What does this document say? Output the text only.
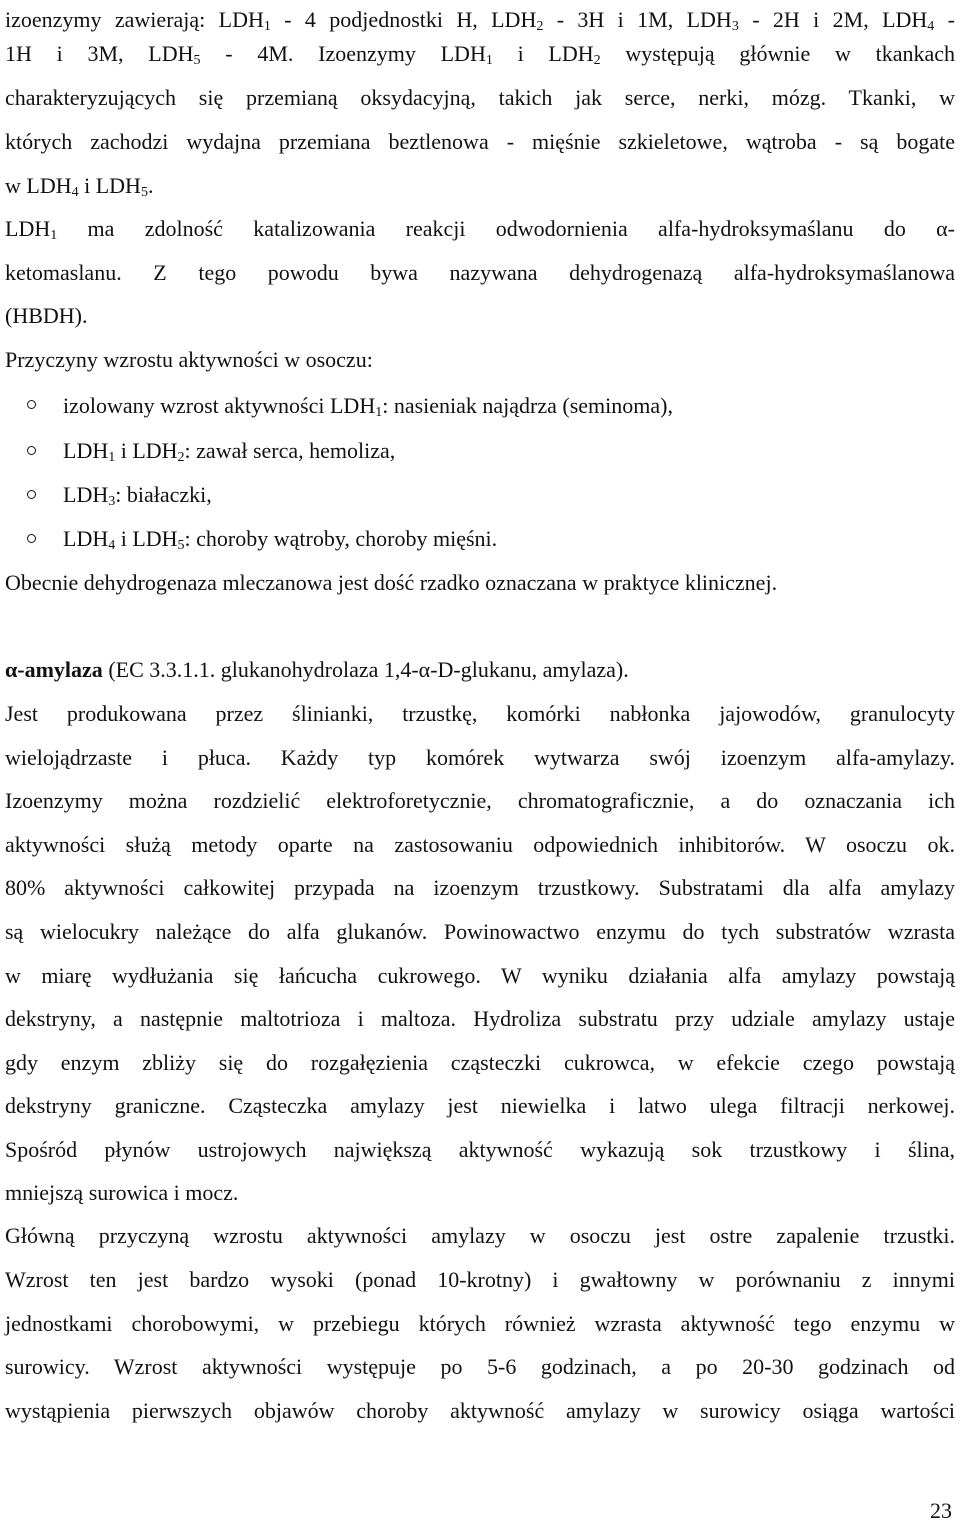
izoenzymy zawierają: $LDH_1 - 4$ podjednostki H, $LDH_2 - 3H$ i 1M, $LDH_3 - 2H$ i 2M, $LDH_4$ -
1H i 3M, $LDH_5 - 4M$. Izoenzymy $LDH_1$ i $LDH_2$ występują głównie w tkankach
charakteryzujących się przemianą oksydacyjną, takich jak serce, nerki, mózg. Tkanki, w
których zachodzi wydajna przemiana beztlenowa - mięśnie szkieletowe, wątroba - są bogate
w $LDH_4$ i $LDH_5$.
$LDH_1$ ma zdolność katalizowania reakcji odwodornienia alfa-hydroksymaślanu do α-
ketomaslanu. Z tego powodu bywa nazywana dehydrogenazą alfa-hydroksymaślanowa
(HBDH).
Przyczyny wzrostu aktywności w osoczu:
izolowany wzrost aktywności $LDH_1$: nasieniak najądrza (seminoma),
$LDH_1$ i $LDH_2$: zawał serca, hemoliza,
$LDH_3$: białaczki,
$LDH_4$ i $LDH_5$: choroby wątroby, choroby mięśni.
Obecnie dehydrogenaza mleczanowa jest dość rzadko oznaczana w praktyce klinicznej.
α-amylaza (EC 3.3.1.1. glukanohydrolaza 1,4-α-D-glukanu, amylaza).
Jest produkowana przez ślinianki, trzustkę, komórki nabłonka jajowodów, granulocyty
wielojądrzaste i płuca. Każdy typ komórek wytwarza swój izoenzym alfa-amylazy.
Izoenzymy można rozdzielić elektroforetycznie, chromatograficznie, a do oznaczania ich
aktywności służą metody oparte na zastosowaniu odpowiednich inhibitorów. W osoczu ok.
80% aktywności całkowitej przypada na izoenzym trzustkowy. Substratami dla alfa amylazy
są wielocukry należące do alfa glukanów. Powinowactwo enzymu do tych substratów wzrasta
w miarę wydłużania się łańcucha cukrowego. W wyniku działania alfa amylazy powstają
dekstryny, a następnie maltotrioza i maltoza. Hydroliza substratu przy udziale amylazy ustaje
gdy enzym zbliży się do rozgałęzienia cząsteczki cukrowca, w efekcie czego powstają
dekstryny graniczne. Cząsteczka amylazy jest niewielka i latwo ulega filtracji nerkowej.
Spośród płynów ustrojowych największą aktywność wykazują sok trzustkowy i ślina,
mniejszą surowica i mocz.
Główną przyczyną wzrostu aktywności amylazy w osoczu jest ostre zapalenie trzustki.
Wzrost ten jest bardzo wysoki (ponad 10-krotny) i gwałtowny w porównaniu z innymi
jednostkami chorobowymi, w przebiegu których również wzrasta aktywność tego enzymu w
surowicy. Wzrost aktywności występuje po 5-6 godzinach, a po 20-30 godzinach od
wystąpienia pierwszych objawów choroby aktywność amylazy w surowicy osiąga wartości
23
